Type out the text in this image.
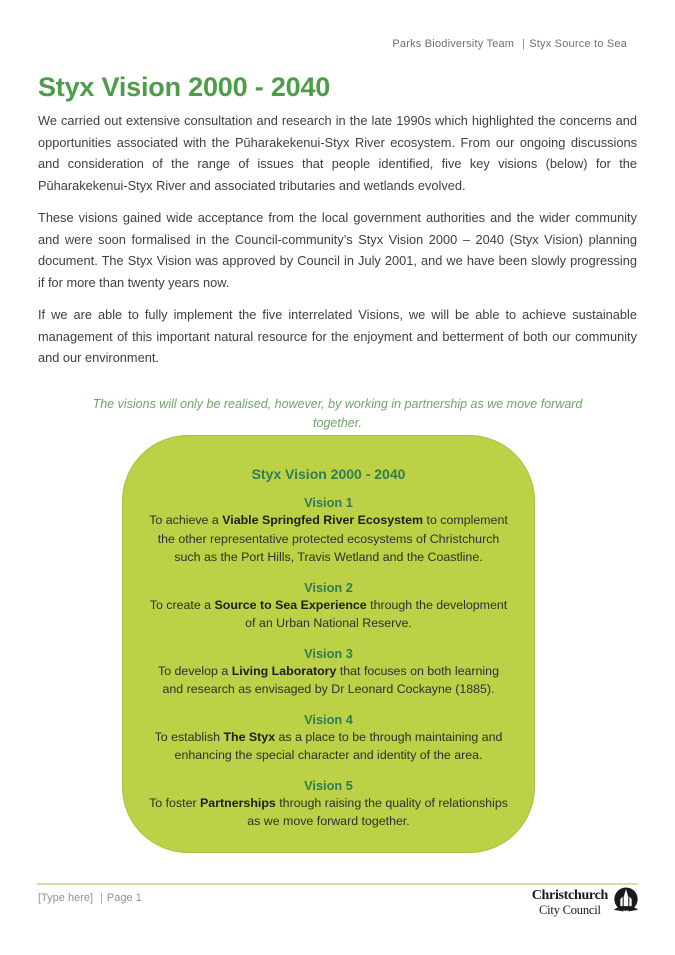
Parks Biodiversity Team | Styx Source to Sea
Styx Vision 2000 - 2040

We carried out extensive consultation and research in the late 1990s which highlighted the concerns and opportunities associated with the Pūharakekenui-Styx River ecosystem. From our ongoing discussions and consideration of the range of issues that people identified, five key visions (below) for the Pūharakekenui-Styx River and associated tributaries and wetlands evolved.

These visions gained wide acceptance from the local government authorities and the wider community and were soon formalised in the Council-community’s Styx Vision 2000 – 2040 (Styx Vision) planning document. The Styx Vision was approved by Council in July 2001, and we have been slowly progressing if for more than twenty years now.

If we are able to fully implement the five interrelated Visions, we will be able to achieve sustainable management of this important natural resource for the enjoyment and betterment of both our community and our environment.

The visions will only be realised, however, by working in partnership as we move forward together.

Styx Vision 2000 - 2040
Vision 1

To achieve a Viable Springfed River Ecosystem to complement the other representative protected ecosystems of Christchurch such as the Port Hills, Travis Wetland and the Coastline.

Vision 2

To create a Source to Sea Experience through the development of an Urban National Reserve.

Vision 3

To develop a Living Laboratory that focuses on both learning and research as envisaged by Dr Leonard Cockayne (1885).

Vision 4

To establish The Styx as a place to be through maintaining and enhancing the special character and identity of the area.

Vision 5

To foster Partnerships through raising the quality of relationships as we move forward together.

[Type here] | Page 1	Christchurch
City Council
